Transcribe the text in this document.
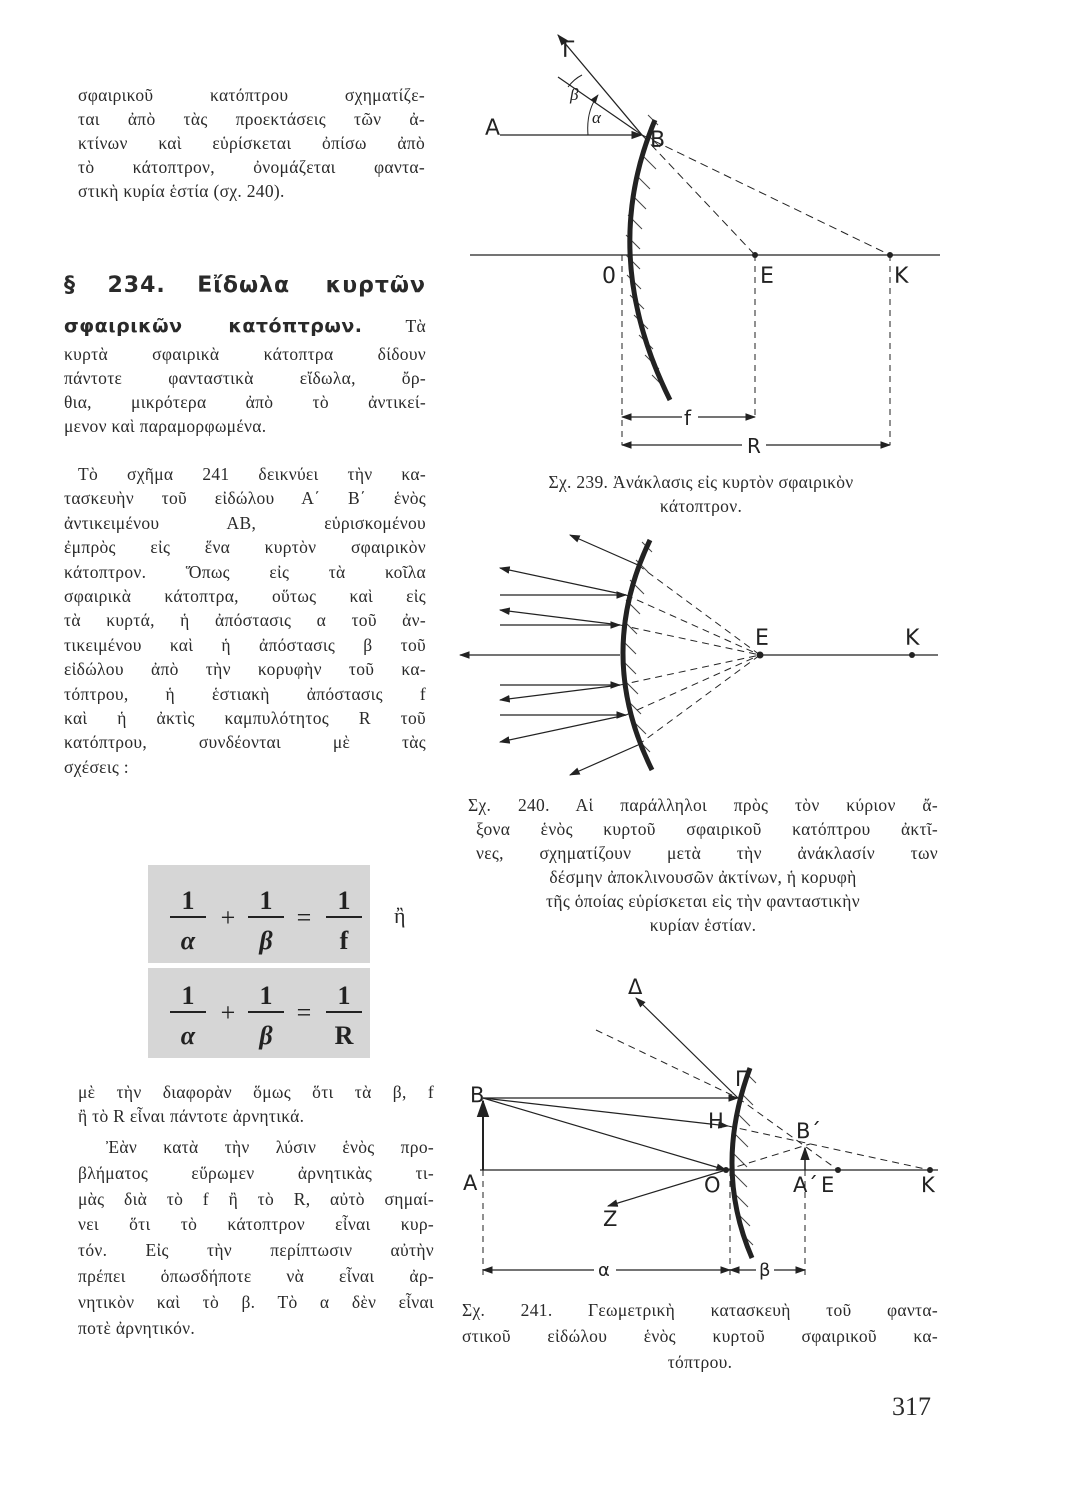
σφαιρικοῦ κατόπτρου σχηματίζε-

ται ἀπὸ τὰς προεκτάσεις τῶν ἀ-

κτίνων καὶ εὑρίσκεται ὀπίσω ἀπὸ

τὸ κάτοπτρον, ὀνομάζεται φαντα-

στικὴ κυρία ἑστία (σχ. 240).

§ 234. Εἴδωλα κυρτῶν

σφαιρικῶν κατόπτρων. Τὰ

κυρτὰ σφαιρικὰ κάτοπτρα δίδουν

πάντοτε φανταστικὰ εἴδωλα, ὄρ-

θια, μικρότερα ἀπὸ τὸ ἀντικεί-

μενον καὶ παραμορφωμένα.

Τὸ σχῆμα 241 δεικνύει τὴν κα-

τασκευὴν τοῦ εἰδώλου Α΄ Β΄ ἑνὸς

ἀντικειμένου ΑΒ, εὑρισκομένου

ἐμπρὸς εἰς ἕνα κυρτὸν σφαιρικὸν

κάτοπτρον. Ὅπως εἰς τὰ κοῖλα

σφαιρικὰ κάτοπτρα, οὕτως καὶ εἰς

τὰ κυρτά, ἡ ἀπόστασις α τοῦ ἀν-

τικειμένου καὶ ἡ ἀπόστασις β τοῦ

εἰδώλου ἀπὸ τὴν κορυφὴν τοῦ κα-

τόπτρου, ἡ ἑστιακὴ ἀπόστασις f

καὶ ἡ ἀκτὶς καμπυλότητος R τοῦ

κατόπτρου, συνδέονται μὲ τὰς

σχέσεις :

1
α
+
1
β
=
1
f
ἢ
1
α
+
1
β
=
1
R

μὲ τὴν διαφορὰν ὅμως ὅτι τὰ β, f

ἢ τὸ R εἶναι πάντοτε ἀρνητικά.

Ἐὰν κατὰ τὴν λύσιν ἑνὸς προ-

βλήματος εὕρωμεν ἀρνητικὰς τι-

μὰς διὰ τὸ f ἢ τὸ R, αὐτὸ σημαί-

νει ὅτι τὸ κάτοπτρον εἶναι κυρ-

τόν. Εἰς τὴν περίπτωσιν αὐτὴν

πρέπει ὁπωσδήποτε νὰ εἶναι ἀρ-

νητικὸν καὶ τὸ β. Τὸ α δὲν εἶναι

ποτὲ ἀρνητικόν.

Γ
β
α
Α	Β
0	Ε	Κ
f
R

Σχ. 239. Ἀνάκλασις εἰς κυρτὸν σφαιρικὸν

κάτοπτρον.

Ε	Κ

Σχ. 240. Αἱ παράλληλοι πρὸς τὸν κύριον ἄ-

ξονα ἑνὸς κυρτοῦ σφαιρικοῦ κατόπτρου ἀκτῖ-

νες, σχηματίζουν μετὰ τὴν ἀνάκλασίν των

δέσμην ἀποκλινουσῶν ἀκτίνων, ἡ κορυφὴ

τῆς ὁποίας εὑρίσκεται εἰς τὴν φανταστικὴν

κυρίαν ἑστίαν.

Δ
Γ
Β
Η	Β΄
Α	Ο	Α΄ Ε	Κ
Ζ
α	β

Σχ. 241. Γεωμετρικὴ κατασκευὴ τοῦ φαντα-

στικοῦ εἰδώλου ἑνὸς κυρτοῦ σφαιρικοῦ κα-

τόπτρου.

317
